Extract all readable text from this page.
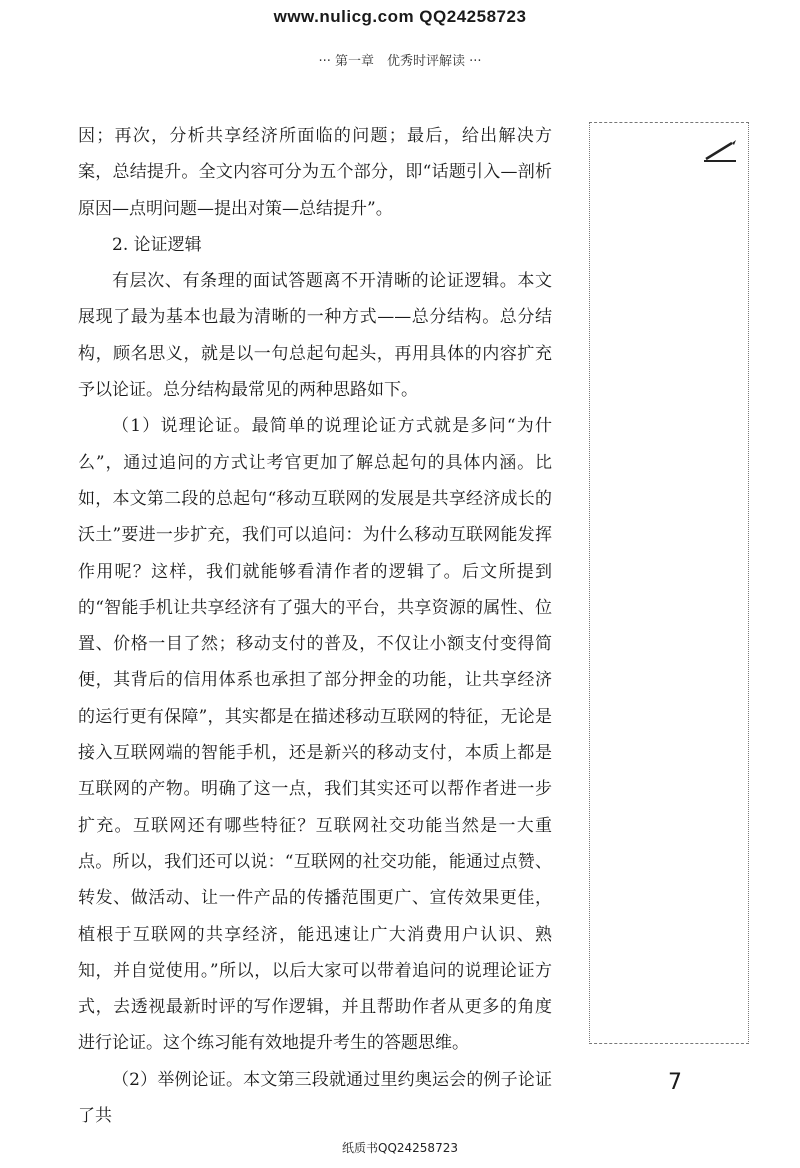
www.nulicg.com QQ24258723
··· 第一章　优秀时评解读 ···

因；再次，分析共享经济所面临的问题；最后，给出解决方案，总结提升。全文内容可分为五个部分，即“话题引入—剖析原因—点明问题—提出对策—总结提升”。

2. 论证逻辑

有层次、有条理的面试答题离不开清晰的论证逻辑。本文展现了最为基本也最为清晰的一种方式——总分结构。总分结构，顾名思义，就是以一句总起句起头，再用具体的内容扩充予以论证。总分结构最常见的两种思路如下。

（1）说理论证。最简单的说理论证方式就是多问“为什么”，通过追问的方式让考官更加了解总起句的具体内涵。比如，本文第二段的总起句“移动互联网的发展是共享经济成长的沃土”要进一步扩充，我们可以追问：为什么移动互联网能发挥作用呢？这样，我们就能够看清作者的逻辑了。后文所提到的“智能手机让共享经济有了强大的平台，共享资源的属性、位置、价格一目了然；移动支付的普及，不仅让小额支付变得简便，其背后的信用体系也承担了部分押金的功能，让共享经济的运行更有保障”，其实都是在描述移动互联网的特征，无论是接入互联网端的智能手机，还是新兴的移动支付，本质上都是互联网的产物。明确了这一点，我们其实还可以帮作者进一步扩充。互联网还有哪些特征？互联网社交功能当然是一大重点。所以，我们还可以说：“互联网的社交功能，能通过点赞、转发、做活动、让一件产品的传播范围更广、宣传效果更佳，植根于互联网的共享经济，能迅速让广大消费用户认识、熟知，并自觉使用。”所以，以后大家可以带着追问的说理论证方式，去透视最新时评的写作逻辑，并且帮助作者从更多的角度进行论证。这个练习能有效地提升考生的答题思维。

（2）举例论证。本文第三段就通过里约奥运会的例子论证了共

7
纸质书QQ24258723
